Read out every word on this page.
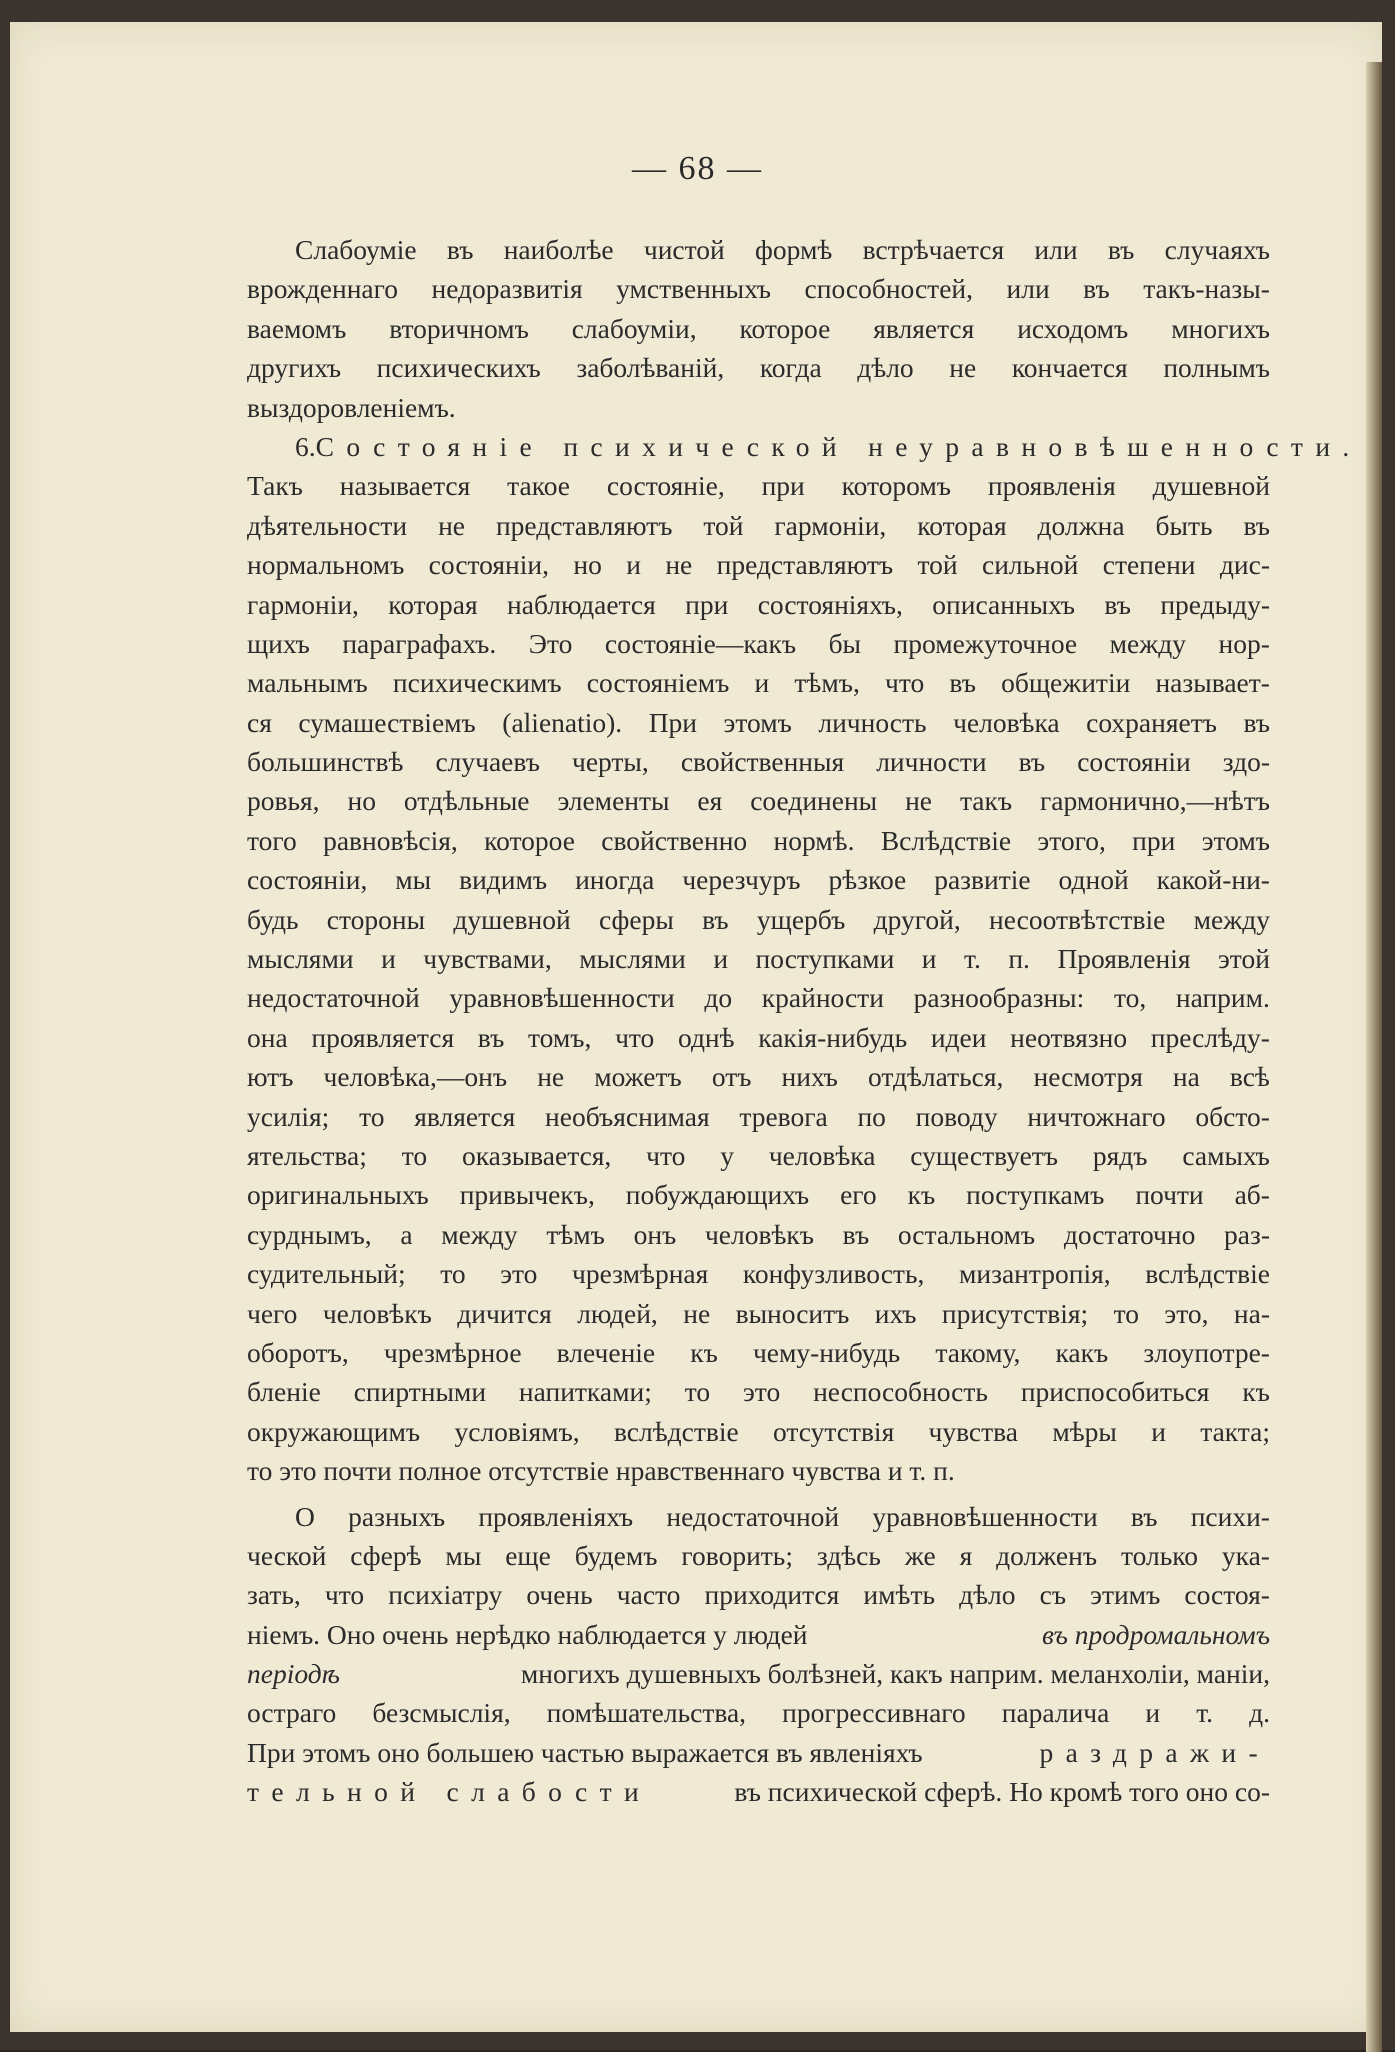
— 68 —
Слабоумiе въ наиболѣе чистой формѣ встрѣчается или въ случаяхъ
врожденнаго недоразвитiя умственныхъ способностей, или въ такъ-назы-
ваемомъ вторичномъ слабоумiи, которое является исходомъ многихъ
другихъ психическихъ заболѣванiй, когда дѣло не кончается полнымъ
выздоровленiемъ.
6. Состоянiе психической неуравновѣшенности.
Такъ называется такое состоянiе, при которомъ проявленiя душевной
дѣятельности не представляютъ той гармонiи, которая должна быть въ
нормальномъ состоянiи, но и не представляютъ той сильной степени дис-
гармонiи, которая наблюдается при состоянiяхъ, описанныхъ въ предыду-
щихъ параграфахъ. Это состоянiе—какъ бы промежуточное между нор-
мальнымъ психическимъ состоянiемъ и тѣмъ, что въ общежитiи называет-
ся сумашествiемъ (alienatio). При этомъ личность человѣка сохраняетъ въ
большинствѣ случаевъ черты, свойственныя личности въ состоянiи здо-
ровья, но отдѣльные элементы ея соединены не такъ гармонично,—нѣтъ
того равновѣсiя, которое свойственно нормѣ. Вслѣдствiе этого, при этомъ
состоянiи, мы видимъ иногда черезчуръ рѣзкое развитiе одной какой-ни-
будь стороны душевной сферы въ ущербъ другой, несоотвѣтствiе между
мыслями и чувствами, мыслями и поступками и т. п. Проявленiя этой
недостаточной уравновѣшенности до крайности разнообразны: то, наприм.
она проявляется въ томъ, что однѣ какiя-нибудь идеи неотвязно преслѣду-
ютъ человѣка,—онъ не можетъ отъ нихъ отдѣлаться, несмотря на всѣ
усилiя; то является необъяснимая тревога по поводу ничтожнаго обсто-
ятельства; то оказывается, что у человѣка существуетъ рядъ самыхъ
оригинальныхъ привычекъ, побуждающихъ его къ поступкамъ почти аб-
сурднымъ, а между тѣмъ онъ человѣкъ въ остальномъ достаточно раз-
судительный; то это чрезмѣрная конфузливость, мизантропiя, вслѣдствiе
чего человѣкъ дичится людей, не выноситъ ихъ присутствiя; то это, на-
оборотъ, чрезмѣрное влеченiе къ чему-нибудь такому, какъ злоупотре-
бленiе спиртными напитками; то это неспособность приспособиться къ
окружающимъ условiямъ, вслѣдствiе отсутствiя чувства мѣры и такта;
то это почти полное отсутствiе нравственнаго чувства и т. п.
О разныхъ проявленiяхъ недостаточной уравновѣшенности въ психи-
ческой сферѣ мы еще будемъ говорить; здѣсь же я долженъ только ука-
зать, что психiатру очень часто приходится имѣть дѣло съ этимъ состоя-
нiемъ. Оно очень нерѣдко наблюдается у людей	въ продромальномъ
перiодѣ	многихъ душевныхъ болѣзней, какъ наприм. меланхолiи, манiи,
остраго безсмыслiя, помѣшательства, прогрессивнаго паралича и т. д.
При этомъ оно большею частью выражается въ явленiяхъ	раздражи-
тельной слабости	въ психической сферѣ. Но кромѣ того оно со-
